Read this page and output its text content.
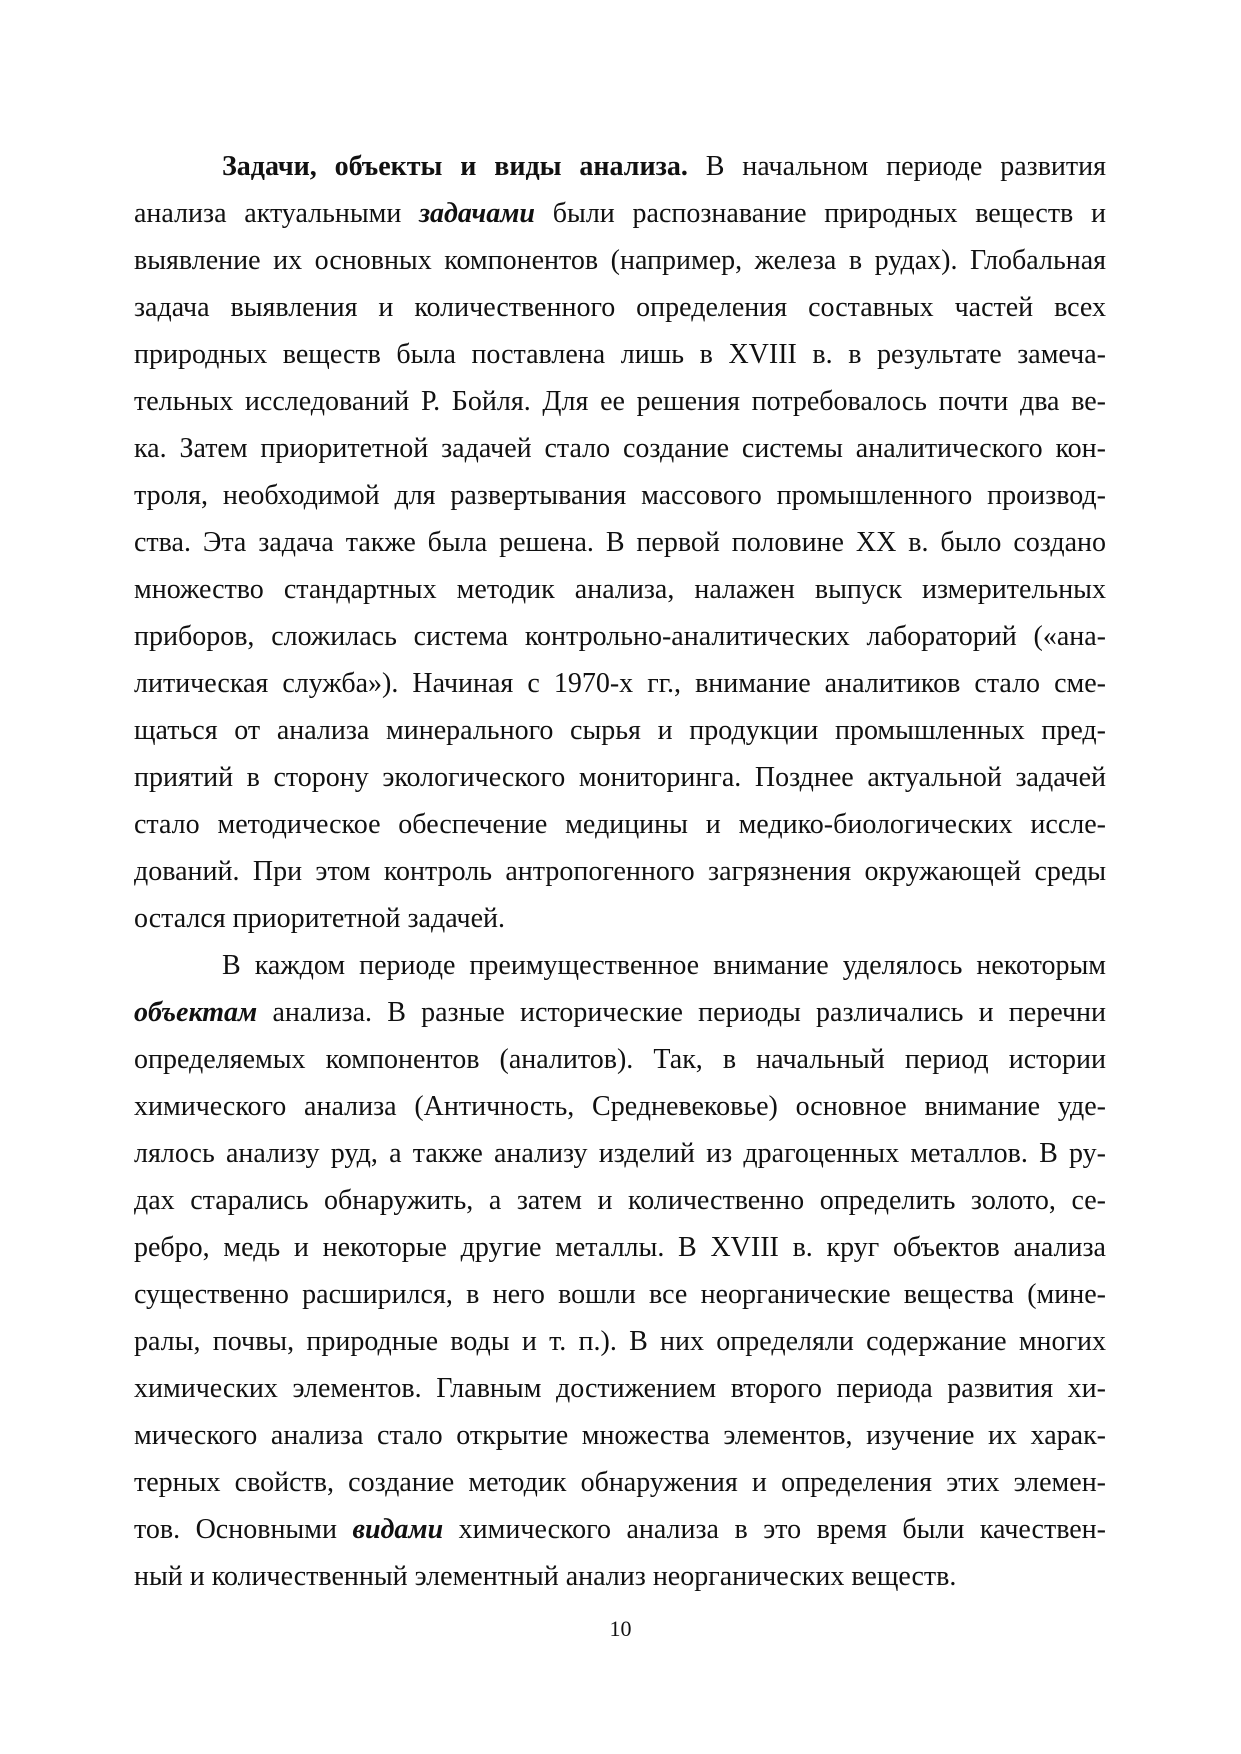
Задачи, объекты и виды анализа. В начальном периоде развития
анализа актуальными задачами были распознавание природных веществ и
выявление их основных компонентов (например, железа в рудах). Глобальная
задача выявления и количественного определения составных частей всех
природных веществ была поставлена лишь в XVIII в. в результате замеча-
тельных исследований Р. Бойля. Для ее решения потребовалось почти два ве-
ка. Затем приоритетной задачей стало создание системы аналитического кон-
троля, необходимой для развертывания массового промышленного производ-
ства. Эта задача также была решена. В первой половине XX в. было создано
множество стандартных методик анализа, налажен выпуск измерительных
приборов, сложилась система контрольно-аналитических лабораторий («ана-
литическая служба»). Начиная с 1970-х гг., внимание аналитиков стало сме-
щаться от анализа минерального сырья и продукции промышленных пред-
приятий в сторону экологического мониторинга. Позднее актуальной задачей
стало методическое обеспечение медицины и медико-биологических иссле-
дований. При этом контроль антропогенного загрязнения окружающей среды
остался приоритетной задачей.
В каждом периоде преимущественное внимание уделялось некоторым
объектам анализа. В разные исторические периоды различались и перечни
определяемых компонентов (аналитов). Так, в начальный период истории
химического анализа (Античность, Средневековье) основное внимание уде-
лялось анализу руд, а также анализу изделий из драгоценных металлов. В ру-
дах старались обнаружить, а затем и количественно определить золото, се-
ребро, медь и некоторые другие металлы. В XVIII в. круг объектов анализа
существенно расширился, в него вошли все неорганические вещества (мине-
ралы, почвы, природные воды и т. п.). В них определяли содержание многих
химических элементов. Главным достижением второго периода развития хи-
мического анализа стало открытие множества элементов, изучение их харак-
терных свойств, создание методик обнаружения и определения этих элемен-
тов. Основными видами химического анализа в это время были качествен-
ный и количественный элементный анализ неорганических веществ.
10
